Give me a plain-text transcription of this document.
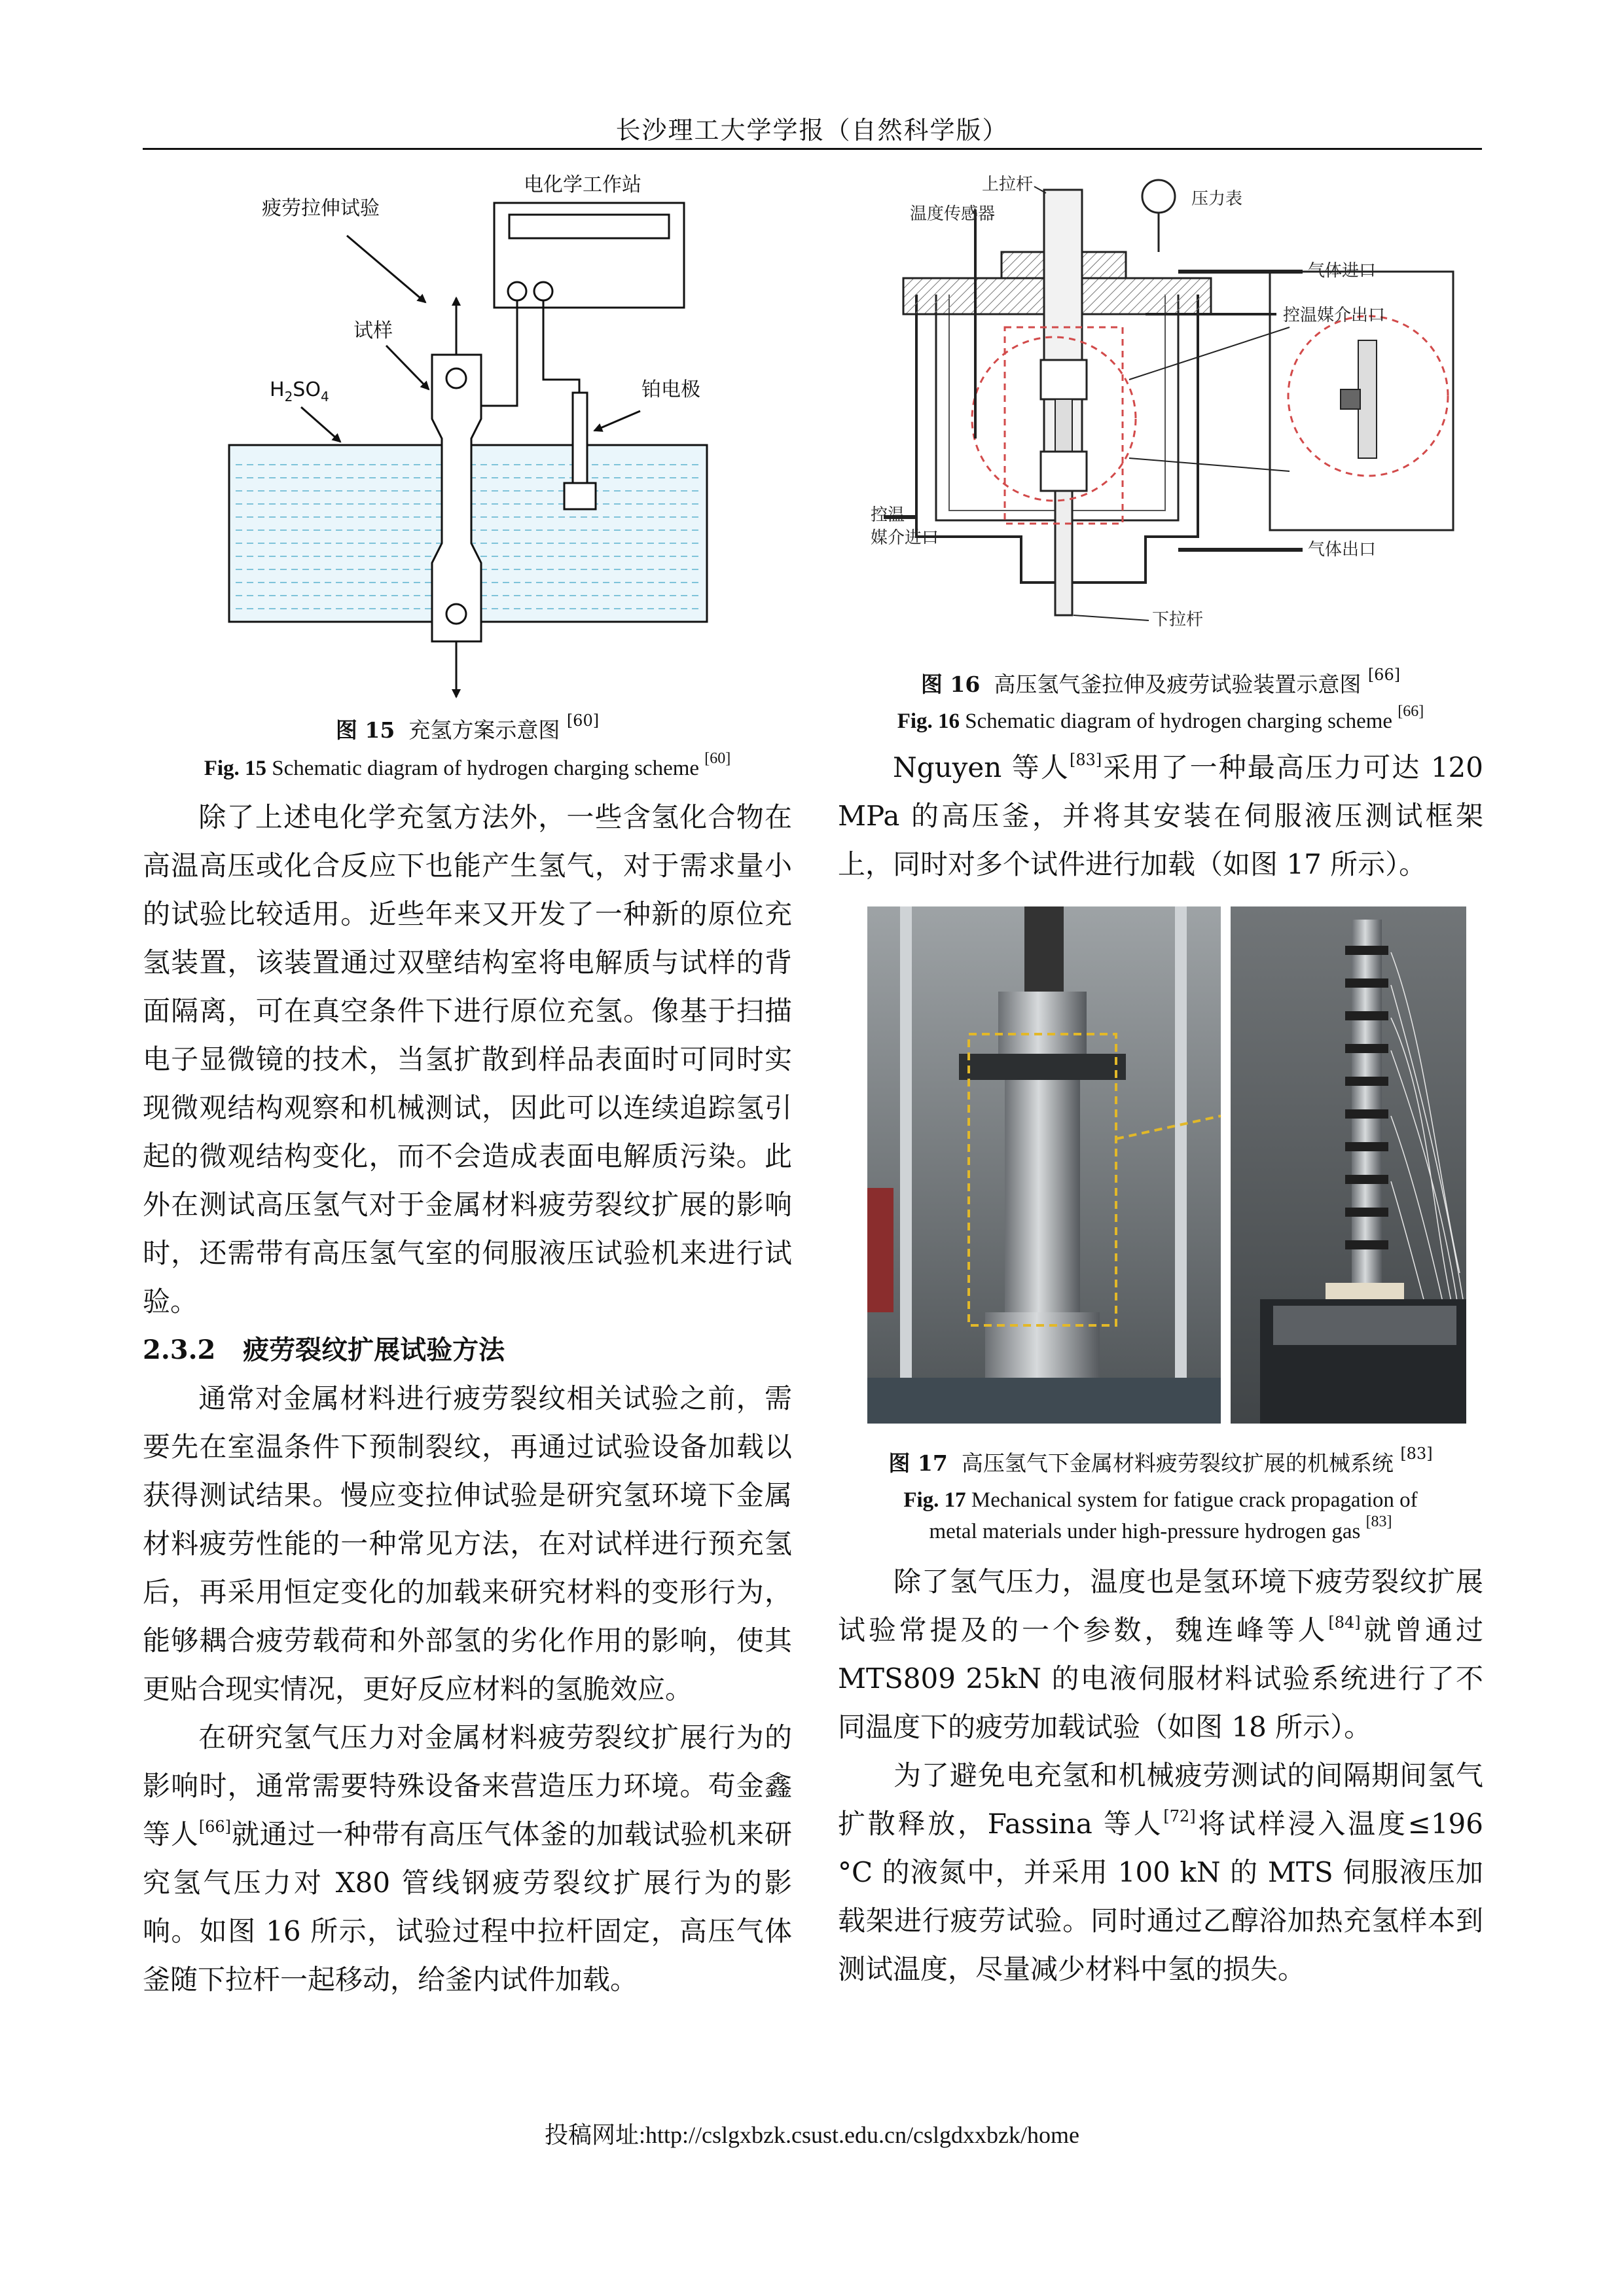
长沙理工大学学报（自然科学版）
电化学工作站
疲劳拉伸试验
试样
$H_2SO_4$	铂电极
图 15 充氢方案示意图 [60]
Fig. 15 Schematic diagram of hydrogen charging scheme [60]

除了上述电化学充氢方法外，一些含氢化合物在高温高压或化合反应下也能产生氢气，对于需求量小的试验比较适用。近些年来又开发了一种新的原位充氢装置，该装置通过双壁结构室将电解质与试样的背面隔离，可在真空条件下进行原位充氢。像基于扫描电子显微镜的技术，当氢扩散到样品表面时可同时实现微观结构观察和机械测试，因此可以连续追踪氢引起的微观结构变化，而不会造成表面电解质污染。此外在测试高压氢气对于金属材料疲劳裂纹扩展的影响时，还需带有高压氢气室的伺服液压试验机来进行试验。

2.3.2 疲劳裂纹扩展试验方法

通常对金属材料进行疲劳裂纹相关试验之前，需要先在室温条件下预制裂纹，再通过试验设备加载以获得测试结果。慢应变拉伸试验是研究氢环境下金属材料疲劳性能的一种常见方法，在对试样进行预充氢后，再采用恒定变化的加载来研究材料的变形行为，能够耦合疲劳载荷和外部氢的劣化作用的影响，使其更贴合现实情况，更好反应材料的氢脆效应。

在研究氢气压力对金属材料疲劳裂纹扩展行为的影响时，通常需要特殊设备来营造压力环境。苟金鑫等人[66]就通过一种带有高压气体釜的加载试验机来研究氢气压力对 X80 管线钢疲劳裂纹扩展行为的影响。如图 16 所示，试验过程中拉杆固定，高压气体釜随下拉杆一起移动，给釜内试件加载。

上拉杆
压力表
温度传感器
气体进口
控温媒介出口
控温
媒介进口
气体出口
下拉杆
图 16 高压氢气釜拉伸及疲劳试验装置示意图 [66]
Fig. 16 Schematic diagram of hydrogen charging scheme [66]

Nguyen 等人[83]采用了一种最高压力可达 120 MPa 的高压釜，并将其安装在伺服液压测试框架上，同时对多个试件进行加载（如图 17 所示）。

图 17 高压氢气下金属材料疲劳裂纹扩展的机械系统 [83]
Fig. 17 Mechanical system for fatigue crack propagation of
metal materials under high-pressure hydrogen gas [83]

除了氢气压力，温度也是氢环境下疲劳裂纹扩展试验常提及的一个参数，魏连峰等人[84]就曾通过 MTS809 25kN 的电液伺服材料试验系统进行了不同温度下的疲劳加载试验（如图 18 所示）。

为了避免电充氢和机械疲劳测试的间隔期间氢气扩散释放，Fassina 等人[72]将试样浸入温度≤196 °C 的液氮中，并采用 100 kN 的 MTS 伺服液压加载架进行疲劳试验。同时通过乙醇浴加热充氢样本到测试温度，尽量减少材料中氢的损失。

投稿网址:http://cslgxbzk.csust.edu.cn/cslgdxxbzk/home
